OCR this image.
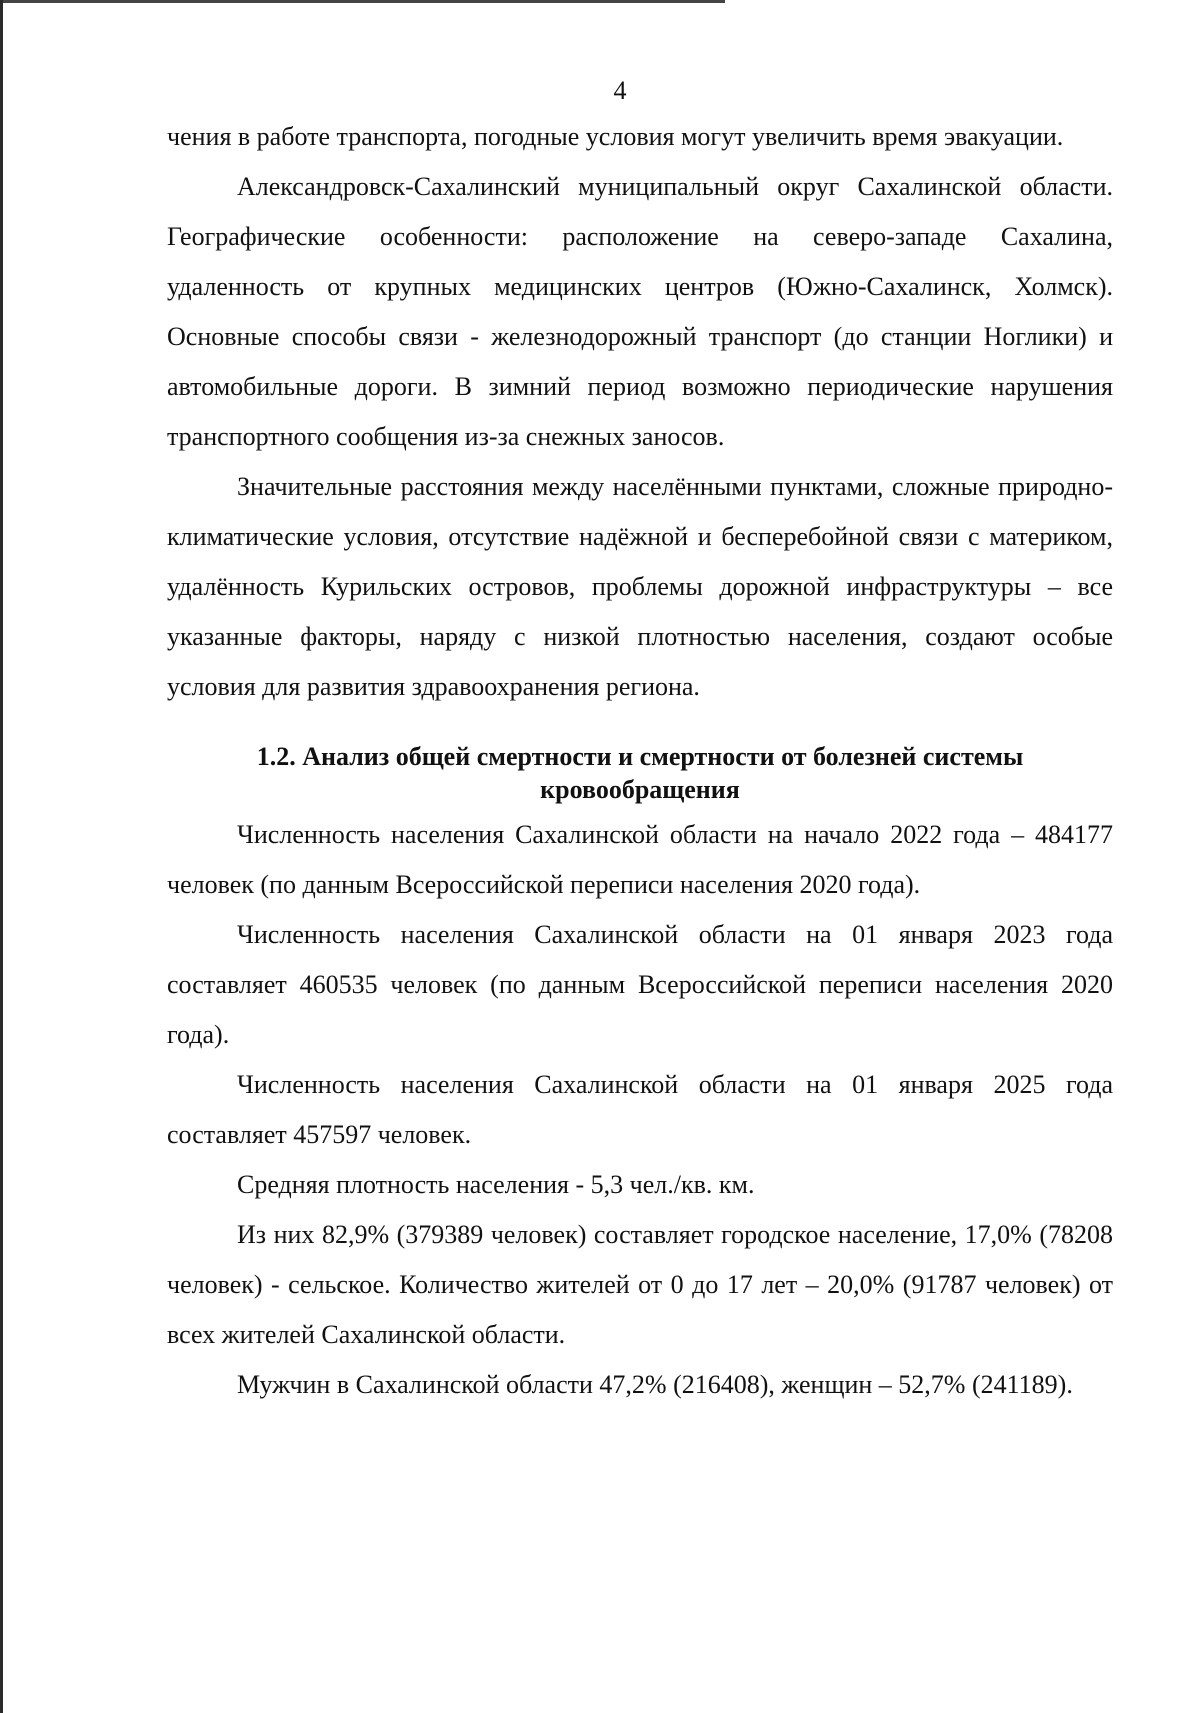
4

чения в работе транспорта, погодные условия могут увеличить время эвакуации.

Александровск-Сахалинский муниципальный округ Сахалинской области. Географические особенности: расположение на северо-западе Сахалина, удаленность от крупных медицинских центров (Южно-Сахалинск, Холмск). Основные способы связи - железнодорожный транспорт (до станции Ноглики) и автомобильные дороги. В зимний период возможно периодические нарушения транспортного сообщения из-за снежных заносов.

Значительные расстояния между населёнными пунктами, сложные природно-климатические условия, отсутствие надёжной и бесперебойной связи с материком, удалённость Курильских островов, проблемы дорожной инфраструктуры – все указанные факторы, наряду с низкой плотностью населения, создают особые условия для развития здравоохранения региона.

1.2. Анализ общей смертности и смертности от болезней системы
кровообращения

Численность населения Сахалинской области на начало 2022 года – 484177 человек (по данным Всероссийской переписи населения 2020 года).

Численность населения Сахалинской области на 01 января 2023 года составляет 460535 человек (по данным Всероссийской переписи населения 2020 года).

Численность населения Сахалинской области на 01 января 2025 года составляет 457597 человек.

Средняя плотность населения - 5,3 чел./кв. км.

Из них 82,9% (379389 человек) составляет городское население, 17,0% (78208 человек) - сельское. Количество жителей от 0 до 17 лет – 20,0% (91787 человек) от всех жителей Сахалинской области.

Мужчин в Сахалинской области 47,2% (216408), женщин – 52,7% (241189).
